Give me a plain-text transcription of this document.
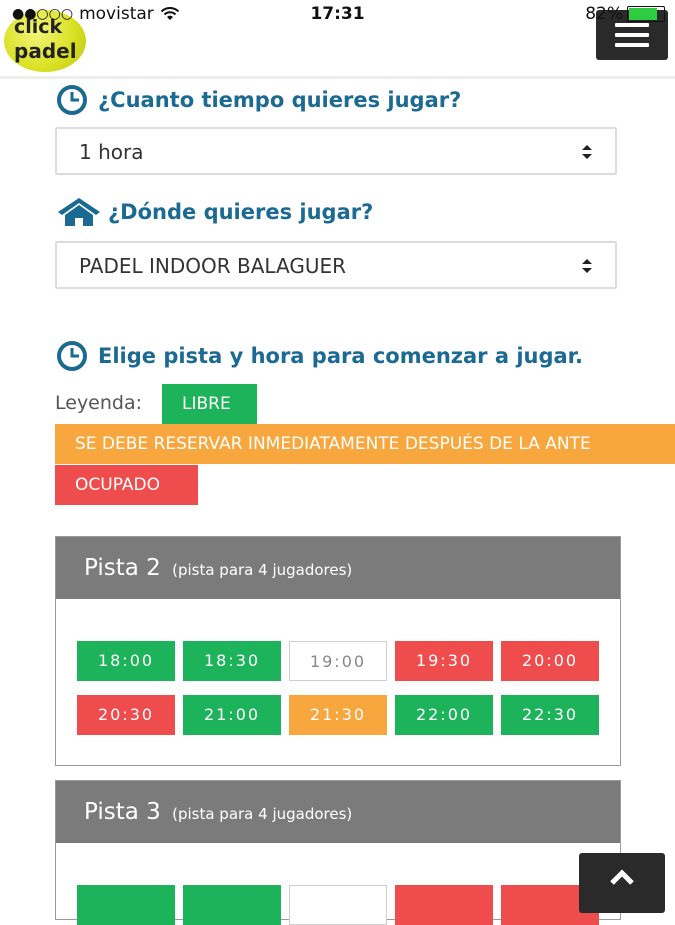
click
padel
●●○○○ movistar	17:31	82%
¿Cuanto tiempo quieres jugar?
1 hora
¿Dónde quieres jugar?
PADEL INDOOR BALAGUER
Elige pista y hora para comenzar a jugar.
Leyenda:	LIBRE
SE DEBE RESERVAR INMEDIATAMENTE DESPUÉS DE LA ANTE
OCUPADO
Pista 2 (pista para 4 jugadores)
18:00	18:30	19:00	19:30	20:00
20:30	21:00	21:30	22:00	22:30
Pista 3 (pista para 4 jugadores)
